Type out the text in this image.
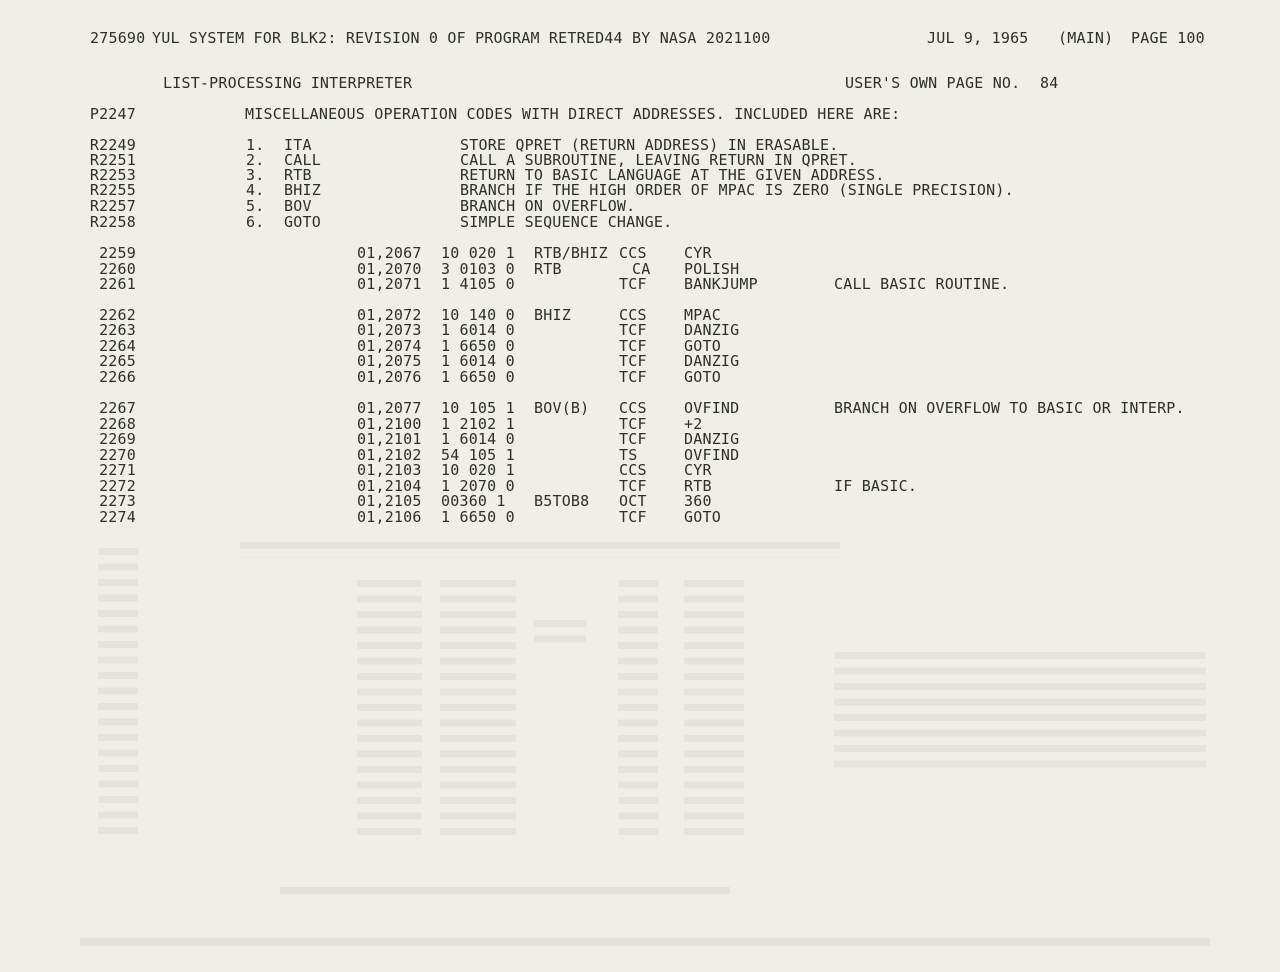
275690 YUL SYSTEM FOR BLK2: REVISION 0 OF PROGRAM RETRED44 BY NASA 2021100	JUL 9, 1965 (MAIN) PAGE 100
LIST-PROCESSING INTERPRETER	USER'S OWN PAGE NO. 84
P2247	MISCELLANEOUS OPERATION CODES WITH DIRECT ADDRESSES. INCLUDED HERE ARE:
R2249	1. ITA	STORE QPRET (RETURN ADDRESS) IN ERASABLE.
R2251	2. CALL	CALL A SUBROUTINE, LEAVING RETURN IN QPRET.
R2253	3. RTB	RETURN TO BASIC LANGUAGE AT THE GIVEN ADDRESS.
R2255	4. BHIZ	BRANCH IF THE HIGH ORDER OF MPAC IS ZERO (SINGLE PRECISION).
R2257	5. BOV	BRANCH ON OVERFLOW.
R2258	6. GOTO	SIMPLE SEQUENCE CHANGE.
2259	01,2067 10 020 1 RTB/BHIZ CCS CYR
2260	01,2070 3 0103 0 RTB	CA POLISH
2261	01,2071 1 4105 0	TCF BANKJUMP	CALL BASIC ROUTINE.
2262	01,2072 10 140 0 BHIZ	CCS MPAC
2263	01,2073 1 6014 0	TCF DANZIG
2264	01,2074 1 6650 0	TCF GOTO
2265	01,2075 1 6014 0	TCF DANZIG
2266	01,2076 1 6650 0	TCF GOTO
2267	01,2077 10 105 1 BOV(B) CCS OVFIND	BRANCH ON OVERFLOW TO BASIC OR INTERP.
2268	01,2100 1 2102 1	TCF +2
2269	01,2101 1 6014 0	TCF DANZIG
2270	01,2102 54 105 1	TS	OVFIND
2271	01,2103 10 020 1	CCS CYR
2272	01,2104 1 2070 0	TCF RTB	IF BASIC.
2273	01,2105 00360 1 B5TOB8 OCT 360
2274	01,2106 1 6650 0	TCF GOTO
